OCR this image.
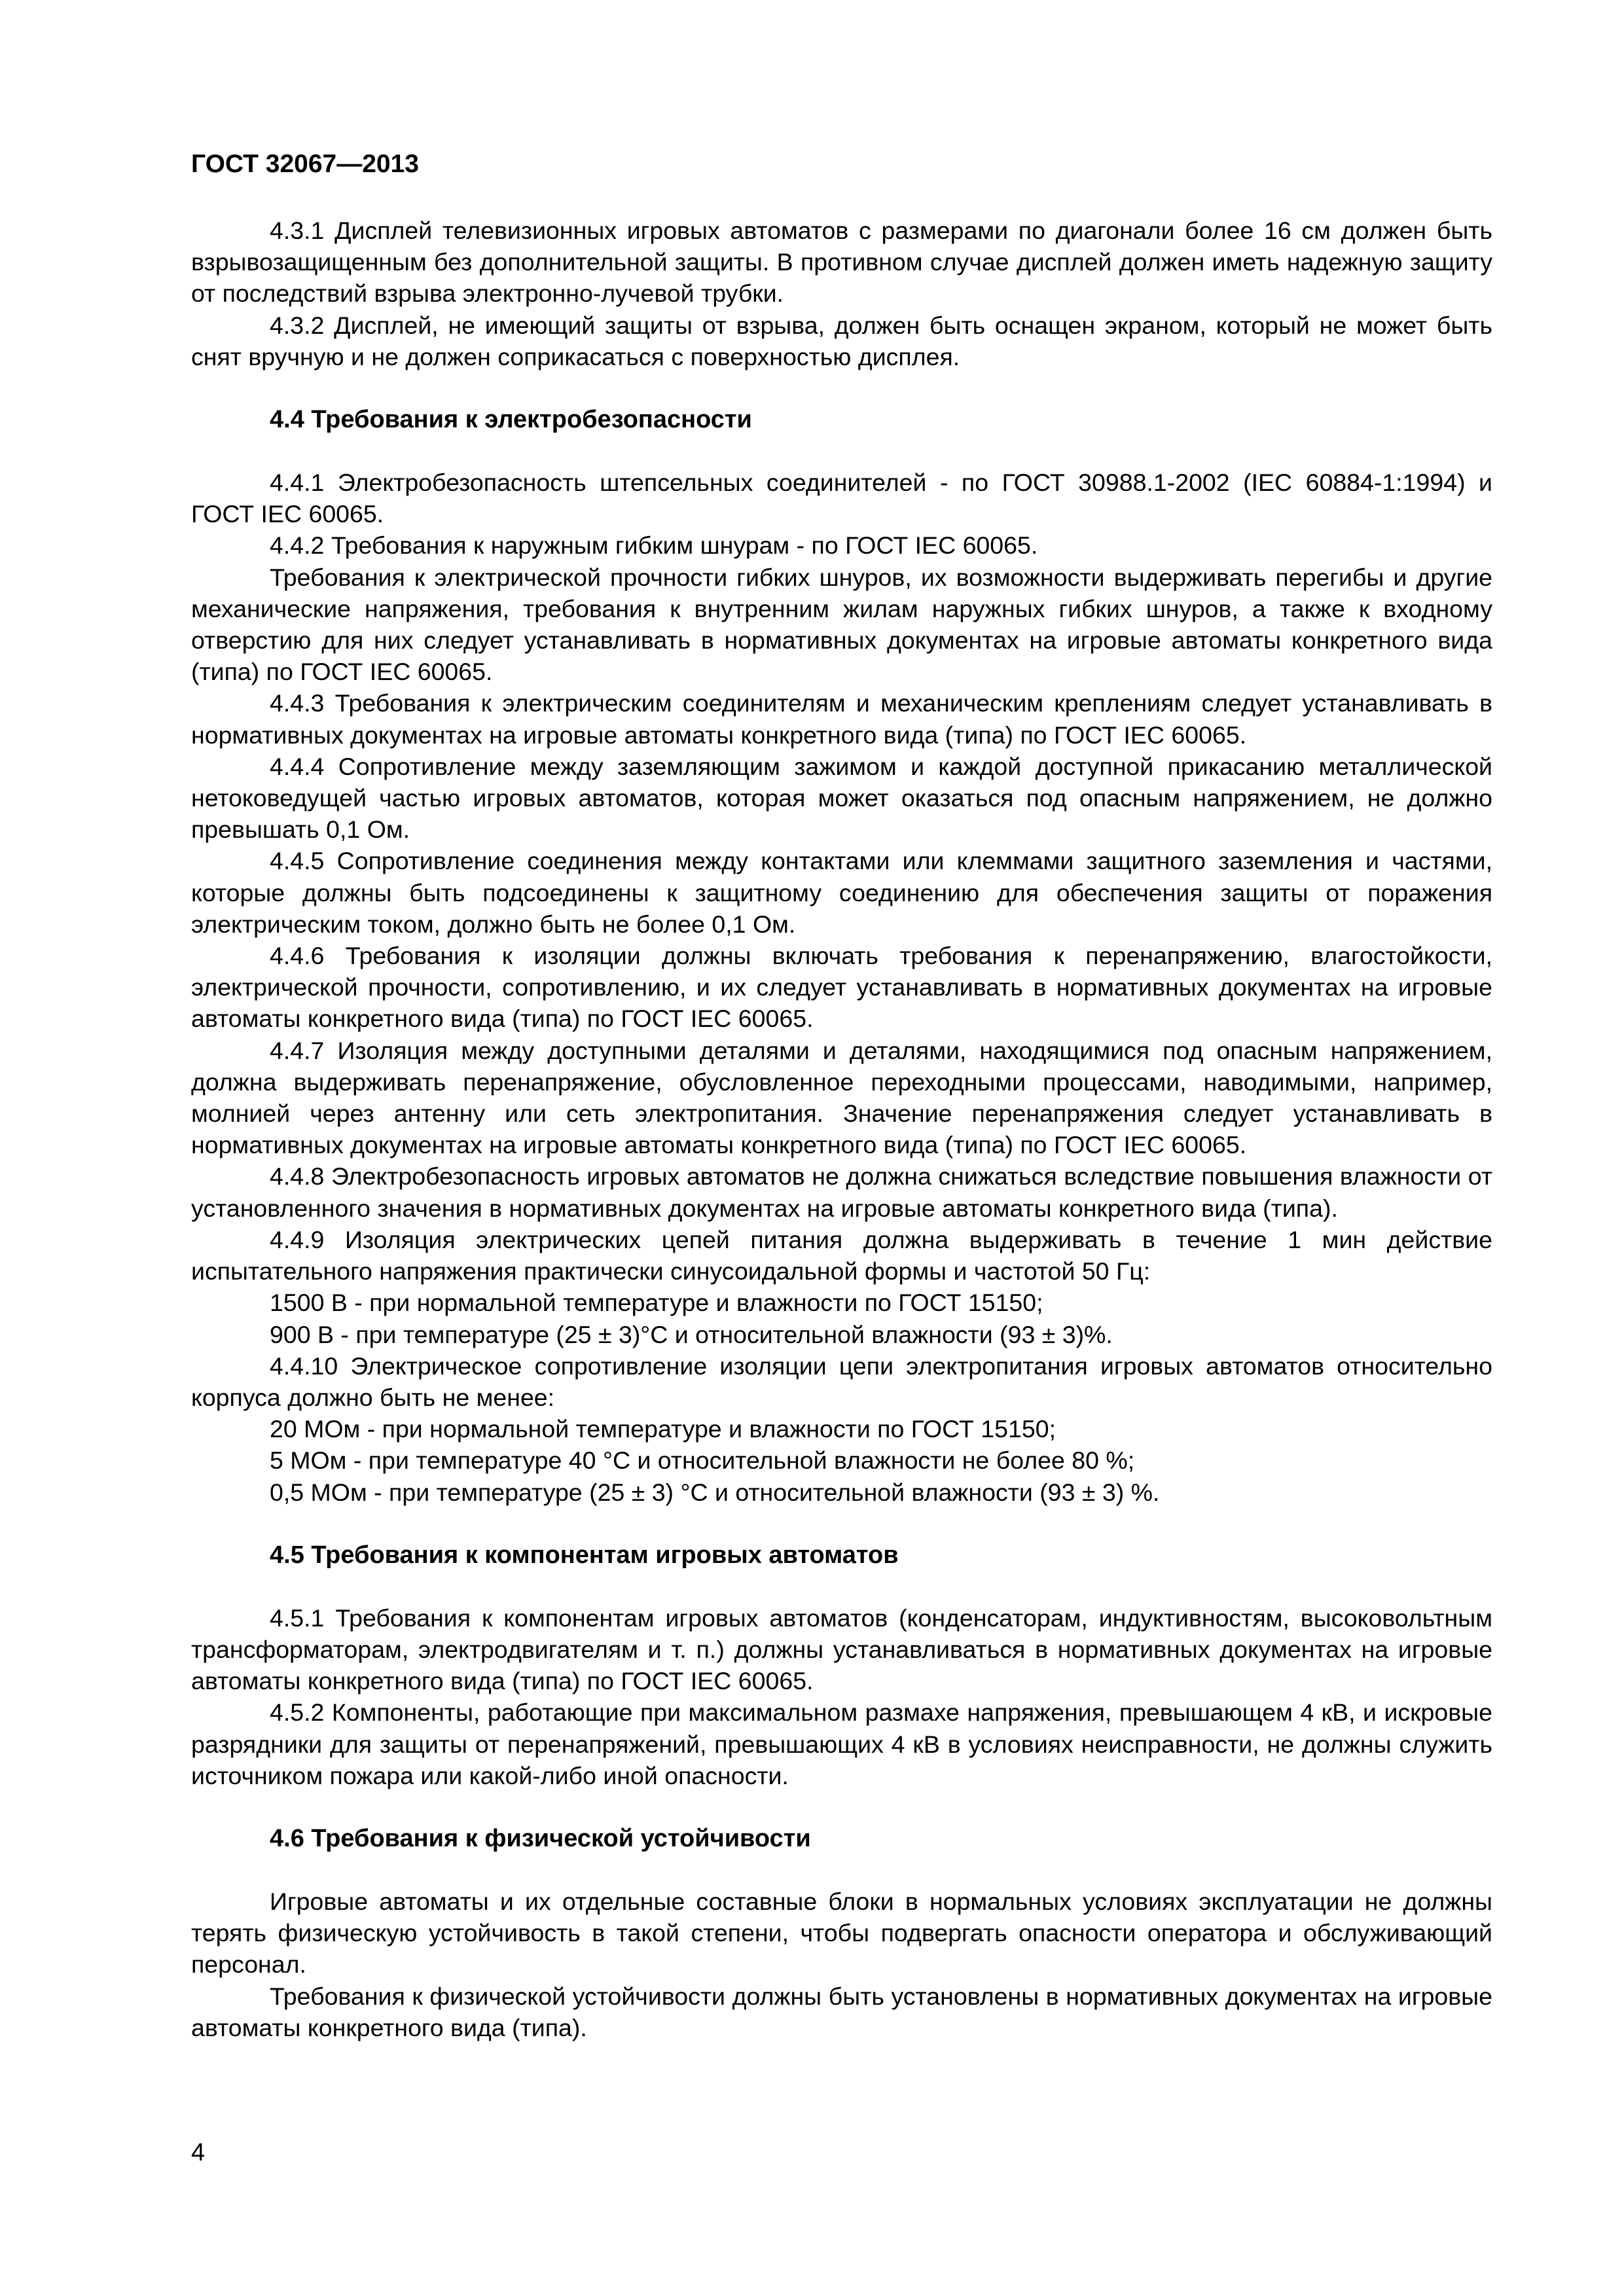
ГОСТ 32067—2013

4.3.1 Дисплей телевизионных игровых автоматов с размерами по диагонали более 16 см должен быть взрывозащищенным без дополнительной защиты. В противном случае дисплей должен иметь надежную защиту от последствий взрыва электронно-лучевой трубки.

4.3.2 Дисплей, не имеющий защиты от взрыва, должен быть оснащен экраном, который не может быть снят вручную и не должен соприкасаться с поверхностью дисплея.

4.4 Требования к электробезопасности

4.4.1 Электробезопасность штепсельных соединителей - по ГОСТ 30988.1-2002 (IEC 60884-1:1994) и ГОСТ IEC 60065.

4.4.2 Требования к наружным гибким шнурам - по ГОСТ IEC 60065.

Требования к электрической прочности гибких шнуров, их возможности выдерживать перегибы и другие механические напряжения, требования к внутренним жилам наружных гибких шнуров, а также к входному отверстию для них следует устанавливать в нормативных документах на игровые автоматы конкретного вида (типа) по ГОСТ IEC 60065.

4.4.3 Требования к электрическим соединителям и механическим креплениям следует устанавливать в нормативных документах на игровые автоматы конкретного вида (типа) по ГОСТ IEC 60065.

4.4.4 Сопротивление между заземляющим зажимом и каждой доступной прикасанию металлической нетоковедущей частью игровых автоматов, которая может оказаться под опасным напряжением, не должно превышать 0,1 Ом.

4.4.5 Сопротивление соединения между контактами или клеммами защитного заземления и частями, которые должны быть подсоединены к защитному соединению для обеспечения защиты от поражения электрическим током, должно быть не более 0,1 Ом.

4.4.6 Требования к изоляции должны включать требования к перенапряжению, влагостойкости, электрической прочности, сопротивлению, и их следует устанавливать в нормативных документах на игровые автоматы конкретного вида (типа) по ГОСТ IEC 60065.

4.4.7 Изоляция между доступными деталями и деталями, находящимися под опасным напряжением, должна выдерживать перенапряжение, обусловленное переходными процессами, наводимыми, например, молнией через антенну или сеть электропитания. Значение перенапряжения следует устанавливать в нормативных документах на игровые автоматы конкретного вида (типа) по ГОСТ IEC 60065.

4.4.8 Электробезопасность игровых автоматов не должна снижаться вследствие повышения влажности от установленного значения в нормативных документах на игровые автоматы конкретного вида (типа).

4.4.9 Изоляция электрических цепей питания должна выдерживать в течение 1 мин действие испытательного напряжения практически синусоидальной формы и частотой 50 Гц:

1500 В - при нормальной температуре и влажности по ГОСТ 15150;

900 В - при температуре (25 ± 3)°С и относительной влажности (93 ± 3)%.

4.4.10 Электрическое сопротивление изоляции цепи электропитания игровых автоматов относительно корпуса должно быть не менее:

20 МОм - при нормальной температуре и влажности по ГОСТ 15150;

5 МОм - при температуре 40 °С и относительной влажности не более 80 %;

0,5 МОм - при температуре (25 ± 3) °С и относительной влажности (93 ± 3) %.

4.5 Требования к компонентам игровых автоматов

4.5.1 Требования к компонентам игровых автоматов (конденсаторам, индуктивностям, высоковольтным трансформаторам, электродвигателям и т. п.) должны устанавливаться в нормативных документах на игровые автоматы конкретного вида (типа) по ГОСТ IEC 60065.

4.5.2 Компоненты, работающие при максимальном размахе напряжения, превышающем 4 кВ, и искровые разрядники для защиты от перенапряжений, превышающих 4 кВ в условиях неисправности, не должны служить источником пожара или какой-либо иной опасности.

4.6 Требования к физической устойчивости

Игровые автоматы и их отдельные составные блоки в нормальных условиях эксплуатации не должны терять физическую устойчивость в такой степени, чтобы подвергать опасности оператора и обслуживающий персонал.

Требования к физической устойчивости должны быть установлены в нормативных документах на игровые автоматы конкретного вида (типа).

4
